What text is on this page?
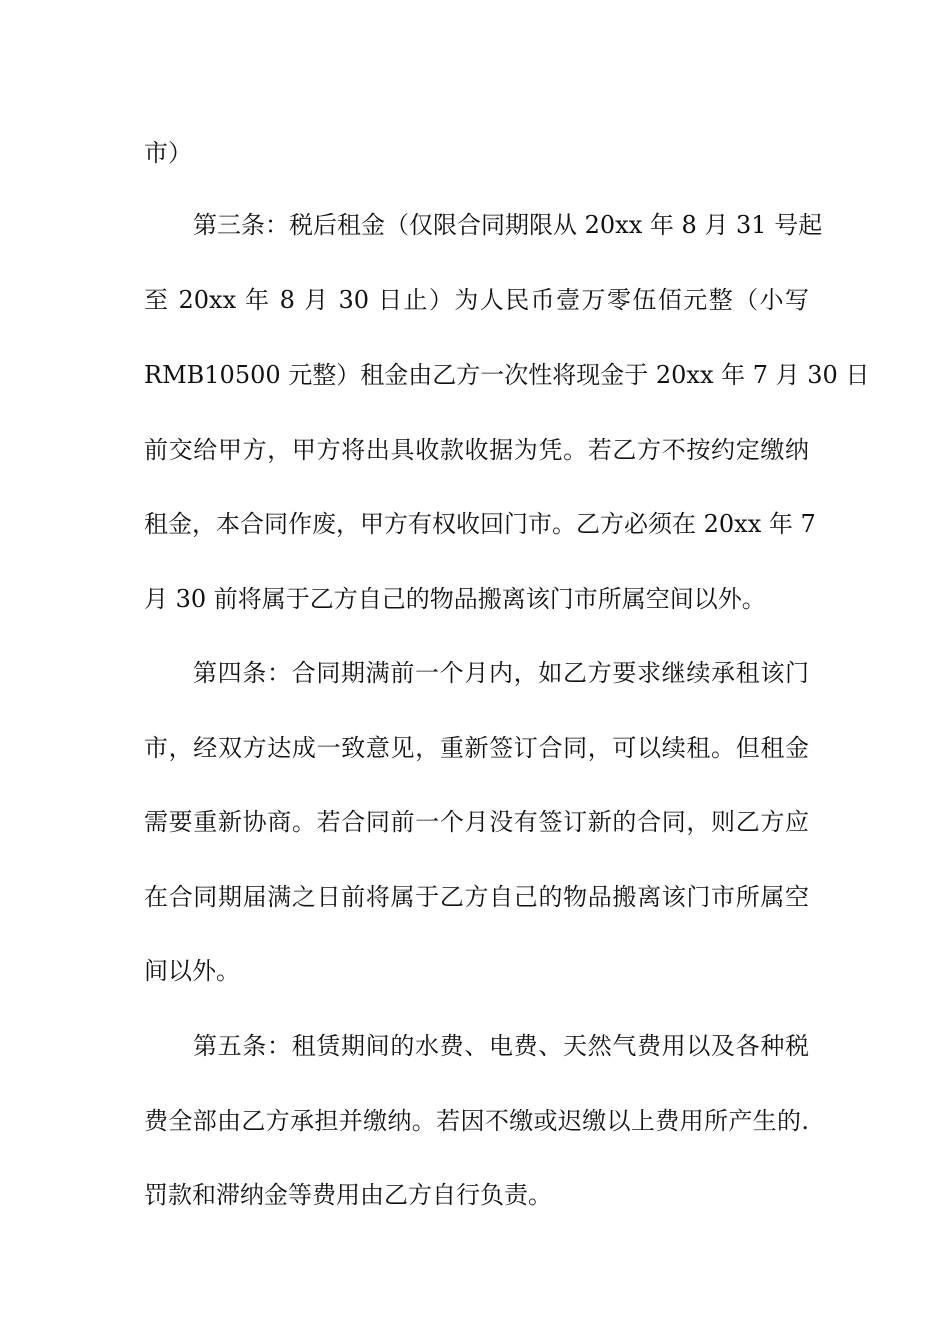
市）
第三条：税后租金（仅限合同期限从 20xx 年 8 月 31 号起
至 20xx 年 8 月 30 日止）为人民币壹万零伍佰元整（小写
RMB10500 元整）租金由乙方一次性将现金于 20xx 年 7 月 30 日
前交给甲方，甲方将出具收款收据为凭。若乙方不按约定缴纳
租金，本合同作废，甲方有权收回门市。乙方必须在 20xx 年 7
月 30 前将属于乙方自己的物品搬离该门市所属空间以外。
第四条：合同期满前一个月内，如乙方要求继续承租该门
市，经双方达成一致意见，重新签订合同，可以续租。但租金
需要重新协商。若合同前一个月没有签订新的合同，则乙方应
在合同期届满之日前将属于乙方自己的物品搬离该门市所属空
间以外。
第五条：租赁期间的水费、电费、天然气费用以及各种税
费全部由乙方承担并缴纳。若因不缴或迟缴以上费用所产生的.
罚款和滞纳金等费用由乙方自行负责。
